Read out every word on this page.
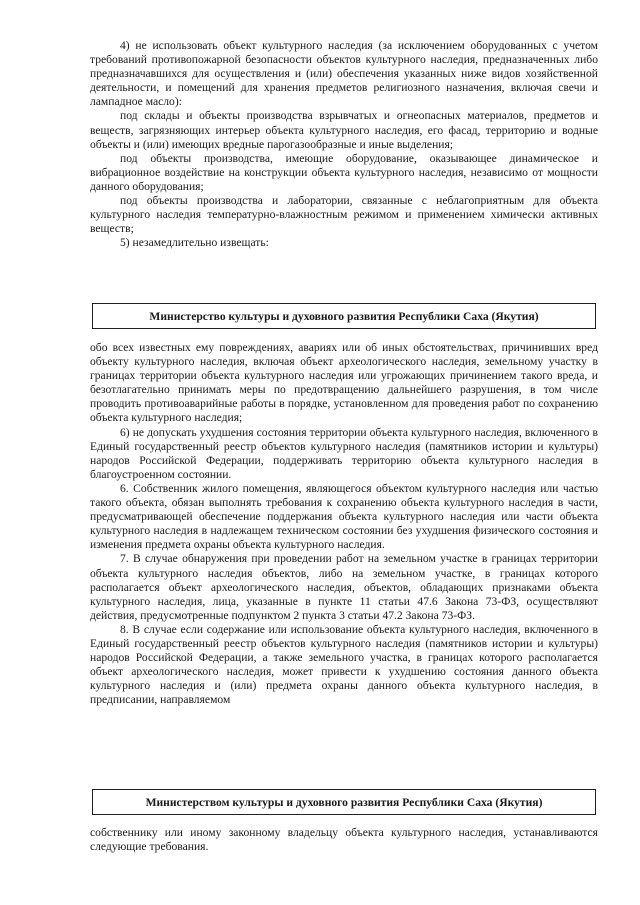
4) не использовать объект культурного наследия (за исключением оборудованных с учетом требований противопожарной безопасности объектов культурного наследия, предназначенных либо предназначавшихся для осуществления и (или) обеспечения указанных ниже видов хозяйственной деятельности, и помещений для хранения предметов религиозного назначения, включая свечи и лампадное масло):

под склады и объекты производства взрывчатых и огнеопасных материалов, предметов и веществ, загрязняющих интерьер объекта культурного наследия, его фасад, территорию и водные объекты и (или) имеющих вредные парогазообразные и иные выделения;

под объекты производства, имеющие оборудование, оказывающее динамическое и вибрационное воздействие на конструкции объекта культурного наследия, независимо от мощности данного оборудования;

под объекты производства и лаборатории, связанные с неблагоприятным для объекта культурного наследия температурно-влажностным режимом и применением химически активных веществ;

5) незамедлительно извещать:

Министерство культуры и духовного развития Республики Саха (Якутия)

обо всех известных ему повреждениях, авариях или об иных обстоятельствах, причинивших вред объекту культурного наследия, включая объект археологического наследия, земельному участку в границах территории объекта культурного наследия или угрожающих причинением такого вреда, и безотлагательно принимать меры по предотвращению дальнейшего разрушения, в том числе проводить противоаварийные работы в порядке, установленном для проведения работ по сохранению объекта культурного наследия;

6) не допускать ухудшения состояния территории объекта культурного наследия, включенного в Единый государственный реестр объектов культурного наследия (памятников истории и культуры) народов Российской Федерации, поддерживать территорию объекта культурного наследия в благоустроенном состоянии.

6. Собственник жилого помещения, являющегося объектом культурного наследия или частью такого объекта, обязан выполнять требования к сохранению объекта культурного наследия в части, предусматривающей обеспечение поддержания объекта культурного наследия или части объекта культурного наследия в надлежащем техническом состоянии без ухудшения физического состояния и изменения предмета охраны объекта культурного наследия.

7. В случае обнаружения при проведении работ на земельном участке в границах территории объекта культурного наследия объектов, либо на земельном участке, в границах которого располагается объект археологического наследия, объектов, обладающих признаками объекта культурного наследия, лица, указанные в пункте 11 статьи 47.6 Закона 73-ФЗ, осуществляют действия, предусмотренные подпунктом 2 пункта 3 статьи 47.2 Закона 73-ФЗ.

8. В случае если содержание или использование объекта культурного наследия, включенного в Единый государственный реестр объектов культурного наследия (памятников истории и культуры) народов Российской Федерации, а также земельного участка, в границах которого располагается объект археологического наследия, может привести к ухудшению состояния данного объекта культурного наследия и (или) предмета охраны данного объекта культурного наследия, в предписании, направляемом

Министерством культуры и духовного развития Республики Саха (Якутия)

собственнику или иному законному владельцу объекта культурного наследия, устанавливаются следующие требования.
